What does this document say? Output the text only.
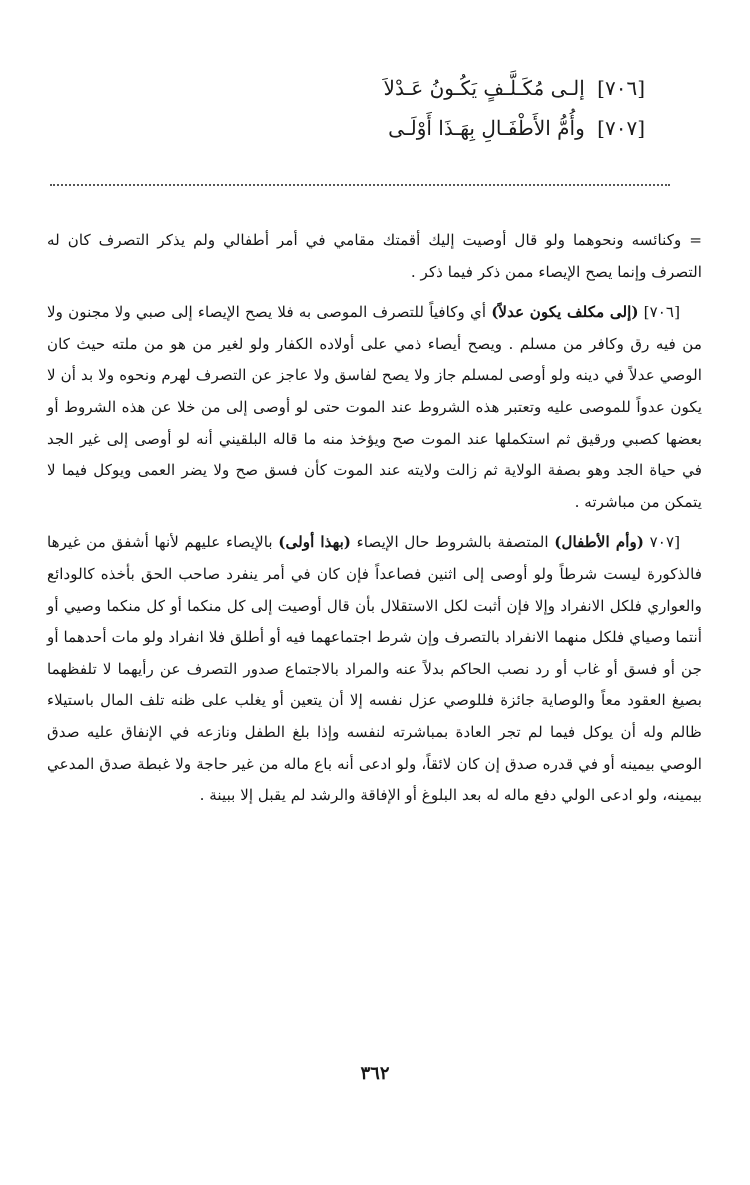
[٧٠٦] إلـى مُكَـلَّـفٍ يَكُـونُ عَـدْلاَ
[٧٠٧] وأُمُّ الأَطْفَـالِ بِهَـذَا أَوْلَـى

= وكنائسه ونحوهما ولو قال أوصيت إليك أقمتك مقامي في أمر أطفالي ولم يذكر التصرف كان له التصرف وإنما يصح الإيصاء ممن ذكر فيما ذكر .

[٧٠٦] (إلى مكلف يكون عدلاً) أي وكافياً للتصرف الموصى به فلا يصح الإيصاء إلى صبي ولا مجنون ولا من فيه رق وكافر من مسلم . ويصح أيصاء ذمي على أولاده الكفار ولو لغير من هو من ملته حيث كان الوصي عدلاً في دينه ولو أوصى لمسلم جاز ولا يصح لفاسق ولا عاجز عن التصرف لهرم ونحوه ولا بد أن لا يكون عدواً للموصى عليه وتعتبر هذه الشروط عند الموت حتى لو أوصى إلى من خلا عن هذه الشروط أو بعضها كصبي ورقيق ثم استكملها عند الموت صح ويؤخذ منه ما قاله البلقيني أنه لو أوصى إلى غير الجد في حياة الجد وهو بصفة الولاية ثم زالت ولايته عند الموت كأن فسق صح ولا يضر العمى ويوكل فيما لا يتمكن من مباشرته .

[٧٠٧ (وأم الأطفال) المتصفة بالشروط حال الإيصاء (بهذا أولى) بالإيصاء عليهم لأنها أشفق من غيرها فالذكورة ليست شرطاً ولو أوصى إلى اثنين فصاعداً فإن كان في أمر ينفرد صاحب الحق بأخذه كالودائع والعواري فلكل الانفراد وإلا فإن أثبت لكل الاستقلال بأن قال أوصيت إلى كل منكما أو كل منكما وصيي أو أنتما وصياي فلكل منهما الانفراد بالتصرف وإن شرط اجتماعهما فيه أو أطلق فلا انفراد ولو مات أحدهما أو جن أو فسق أو غاب أو رد نصب الحاكم بدلاً عنه والمراد بالاجتماع صدور التصرف عن رأيهما لا تلفظهما بصيغ العقود معاً والوصاية جائزة فللوصي عزل نفسه إلا أن يتعين أو يغلب على ظنه تلف المال باستيلاء ظالم وله أن يوكل فيما لم تجر العادة بمباشرته لنفسه وإذا بلغ الطفل ونازعه في الإنفاق عليه صدق الوصي بيمينه أو في قدره صدق إن كان لائقاً، ولو ادعى أنه باع ماله من غير حاجة ولا غبطة صدق المدعي بيمينه، ولو ادعى الولي دفع ماله له بعد البلوغ أو الإفاقة والرشد لم يقبل إلا ببينة .

٣٦٢
